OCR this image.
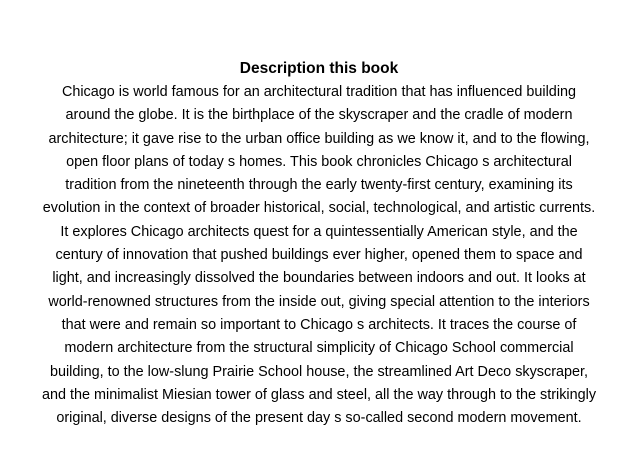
Description this book
Chicago is world famous for an architectural tradition that has influenced building
around the globe. It is the birthplace of the skyscraper and the cradle of modern
architecture; it gave rise to the urban office building as we know it, and to the flowing,
open floor plans of today s homes. This book chronicles Chicago s architectural
tradition from the nineteenth through the early twenty-first century, examining its
evolution in the context of broader historical, social, technological, and artistic currents.
It explores Chicago architects quest for a quintessentially American style, and the
century of innovation that pushed buildings ever higher, opened them to space and
light, and increasingly dissolved the boundaries between indoors and out. It looks at
world-renowned structures from the inside out, giving special attention to the interiors
that were and remain so important to Chicago s architects. It traces the course of
modern architecture from the structural simplicity of Chicago School commercial
building, to the low-slung Prairie School house, the streamlined Art Deco skyscraper,
and the minimalist Miesian tower of glass and steel, all the way through to the strikingly
original, diverse designs of the present day s so-called second modern movement.
